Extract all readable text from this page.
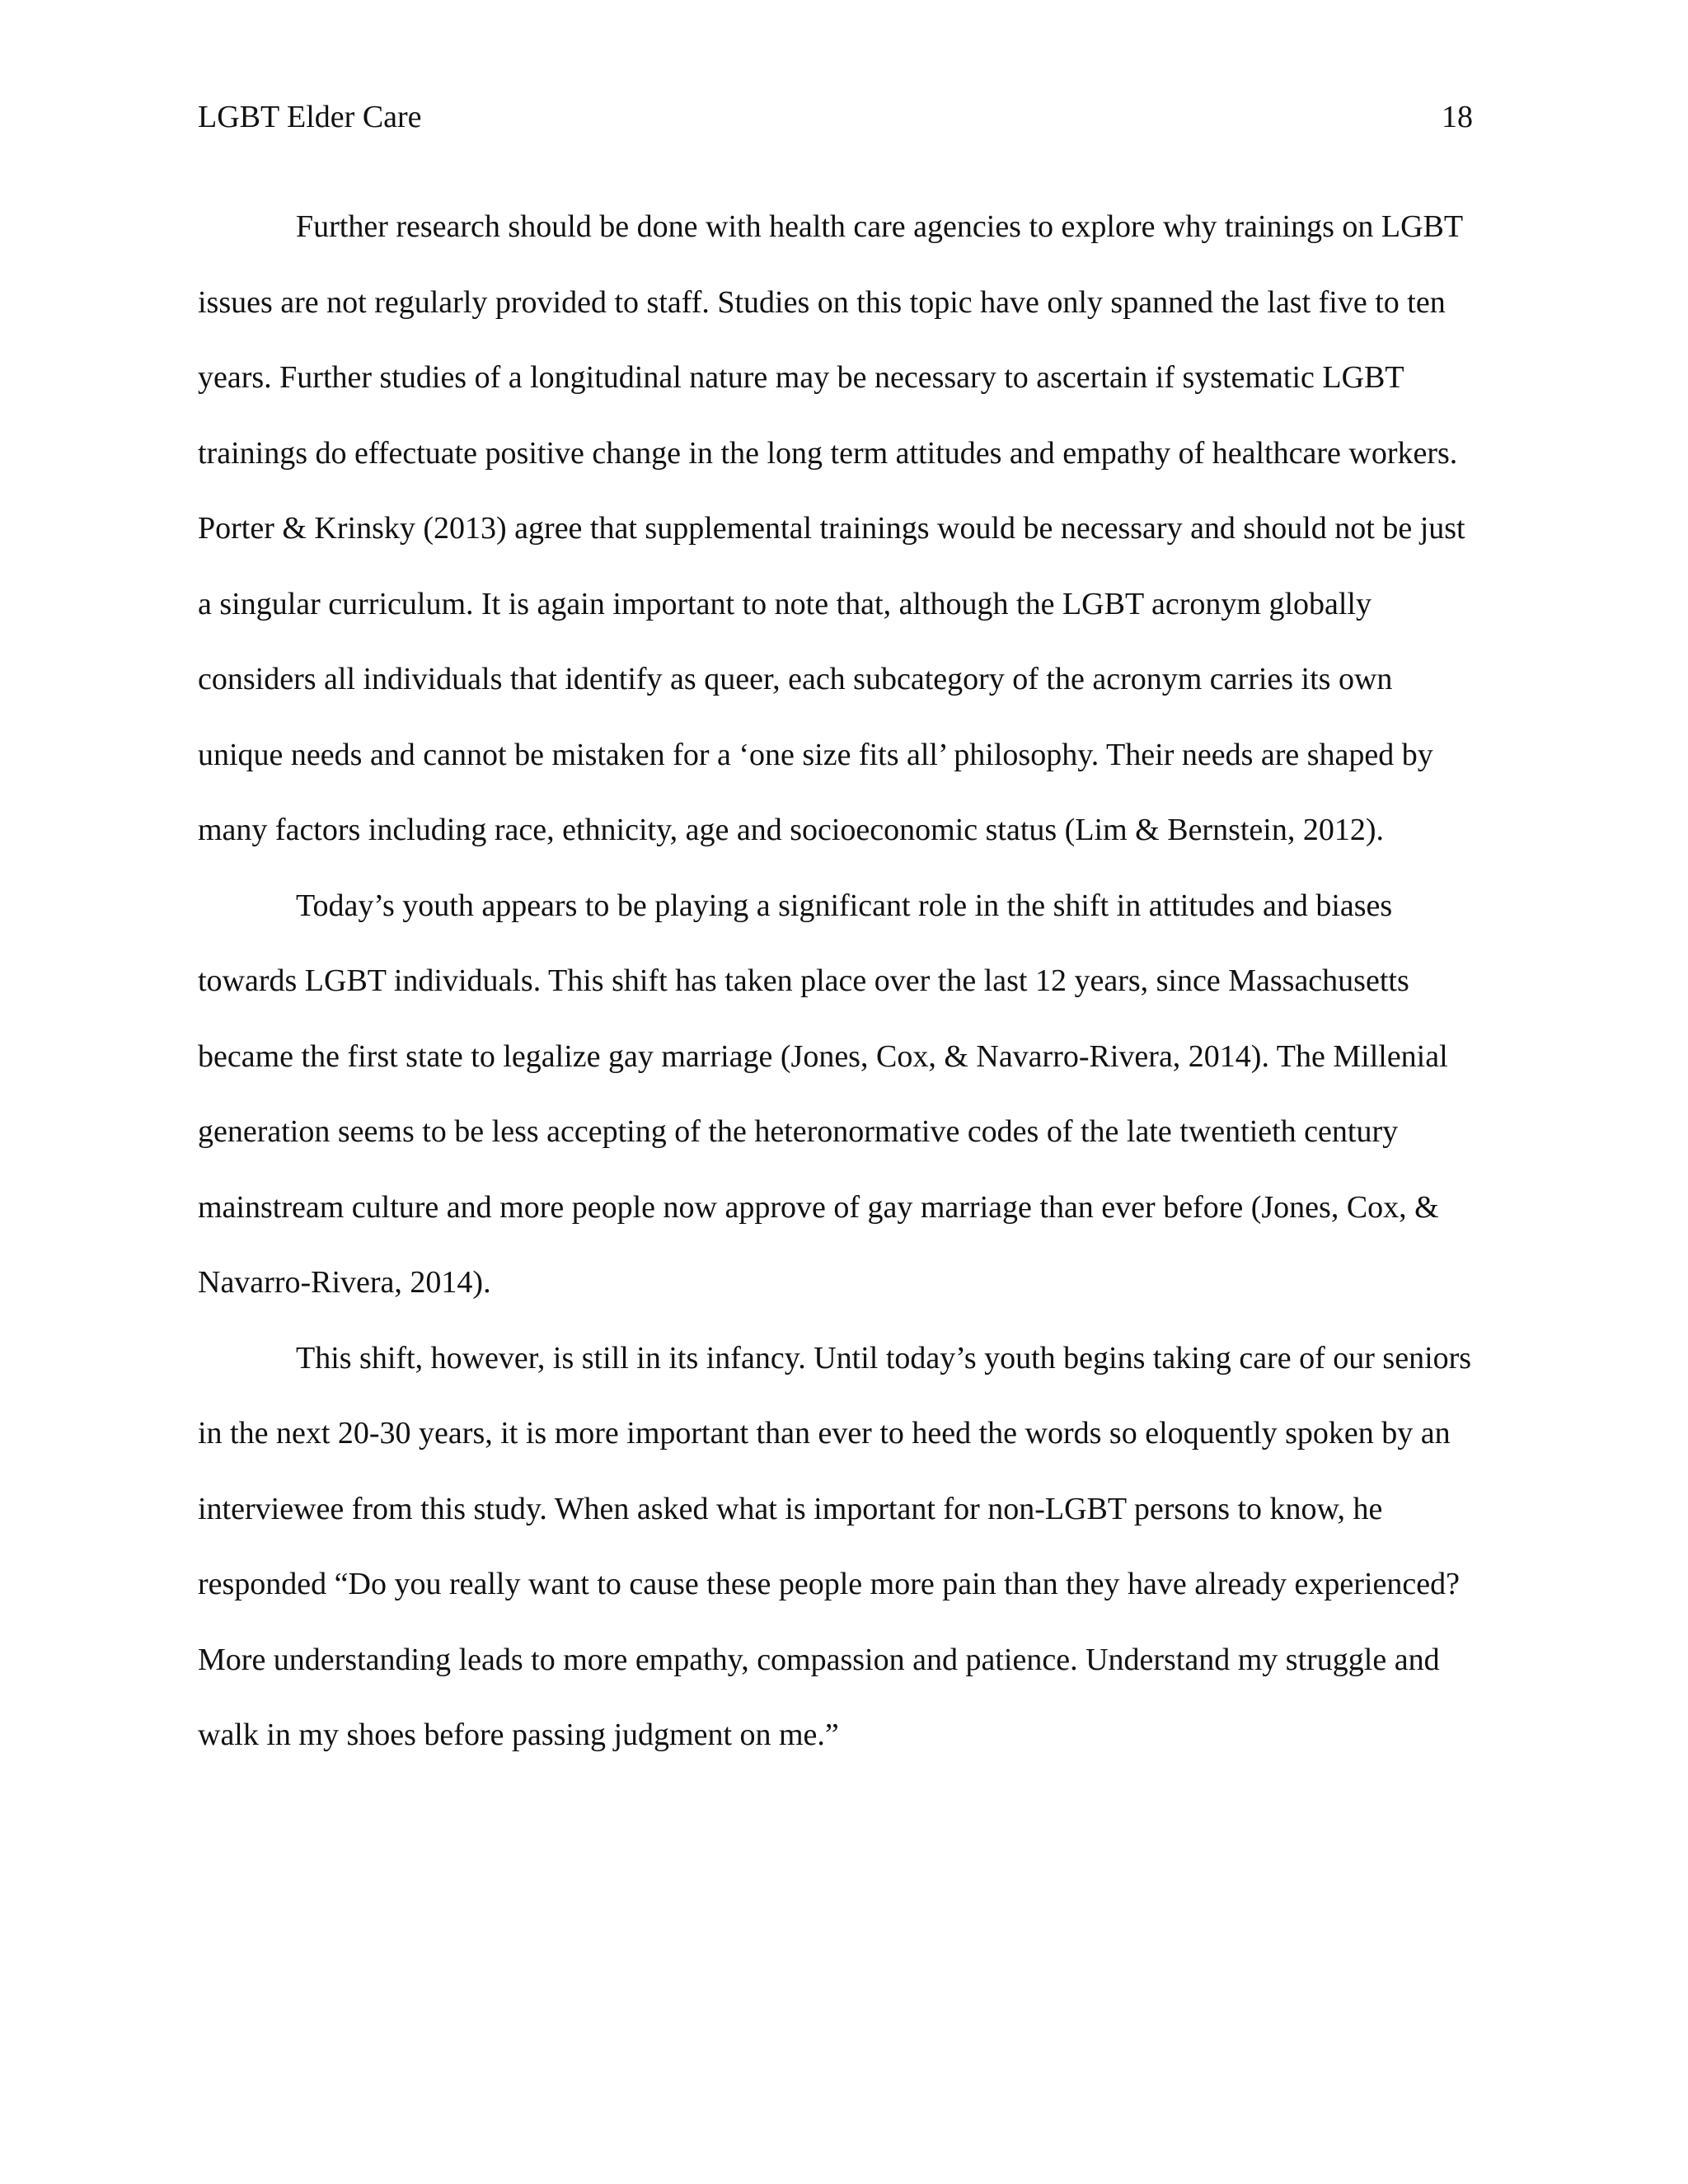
LGBT Elder Care	18

Further research should be done with health care agencies to explore why trainings on LGBT issues are not regularly provided to staff. Studies on this topic have only spanned the last five to ten years. Further studies of a longitudinal nature may be necessary to ascertain if systematic LGBT trainings do effectuate positive change in the long term attitudes and empathy of healthcare workers. Porter & Krinsky (2013) agree that supplemental trainings would be necessary and should not be just a singular curriculum. It is again important to note that, although the LGBT acronym globally considers all individuals that identify as queer, each subcategory of the acronym carries its own unique needs and cannot be mistaken for a ‘one size fits all’ philosophy. Their needs are shaped by many factors including race, ethnicity, age and socioeconomic status (Lim & Bernstein, 2012).

Today’s youth appears to be playing a significant role in the shift in attitudes and biases towards LGBT individuals. This shift has taken place over the last 12 years, since Massachusetts became the first state to legalize gay marriage (Jones, Cox, & Navarro-Rivera, 2014). The Millenial generation seems to be less accepting of the heteronormative codes of the late twentieth century mainstream culture and more people now approve of gay marriage than ever before (Jones, Cox, & Navarro-Rivera, 2014).

This shift, however, is still in its infancy. Until today’s youth begins taking care of our seniors in the next 20-30 years, it is more important than ever to heed the words so eloquently spoken by an interviewee from this study. When asked what is important for non-LGBT persons to know, he responded “Do you really want to cause these people more pain than they have already experienced? More understanding leads to more empathy, compassion and patience. Understand my struggle and walk in my shoes before passing judgment on me.”
